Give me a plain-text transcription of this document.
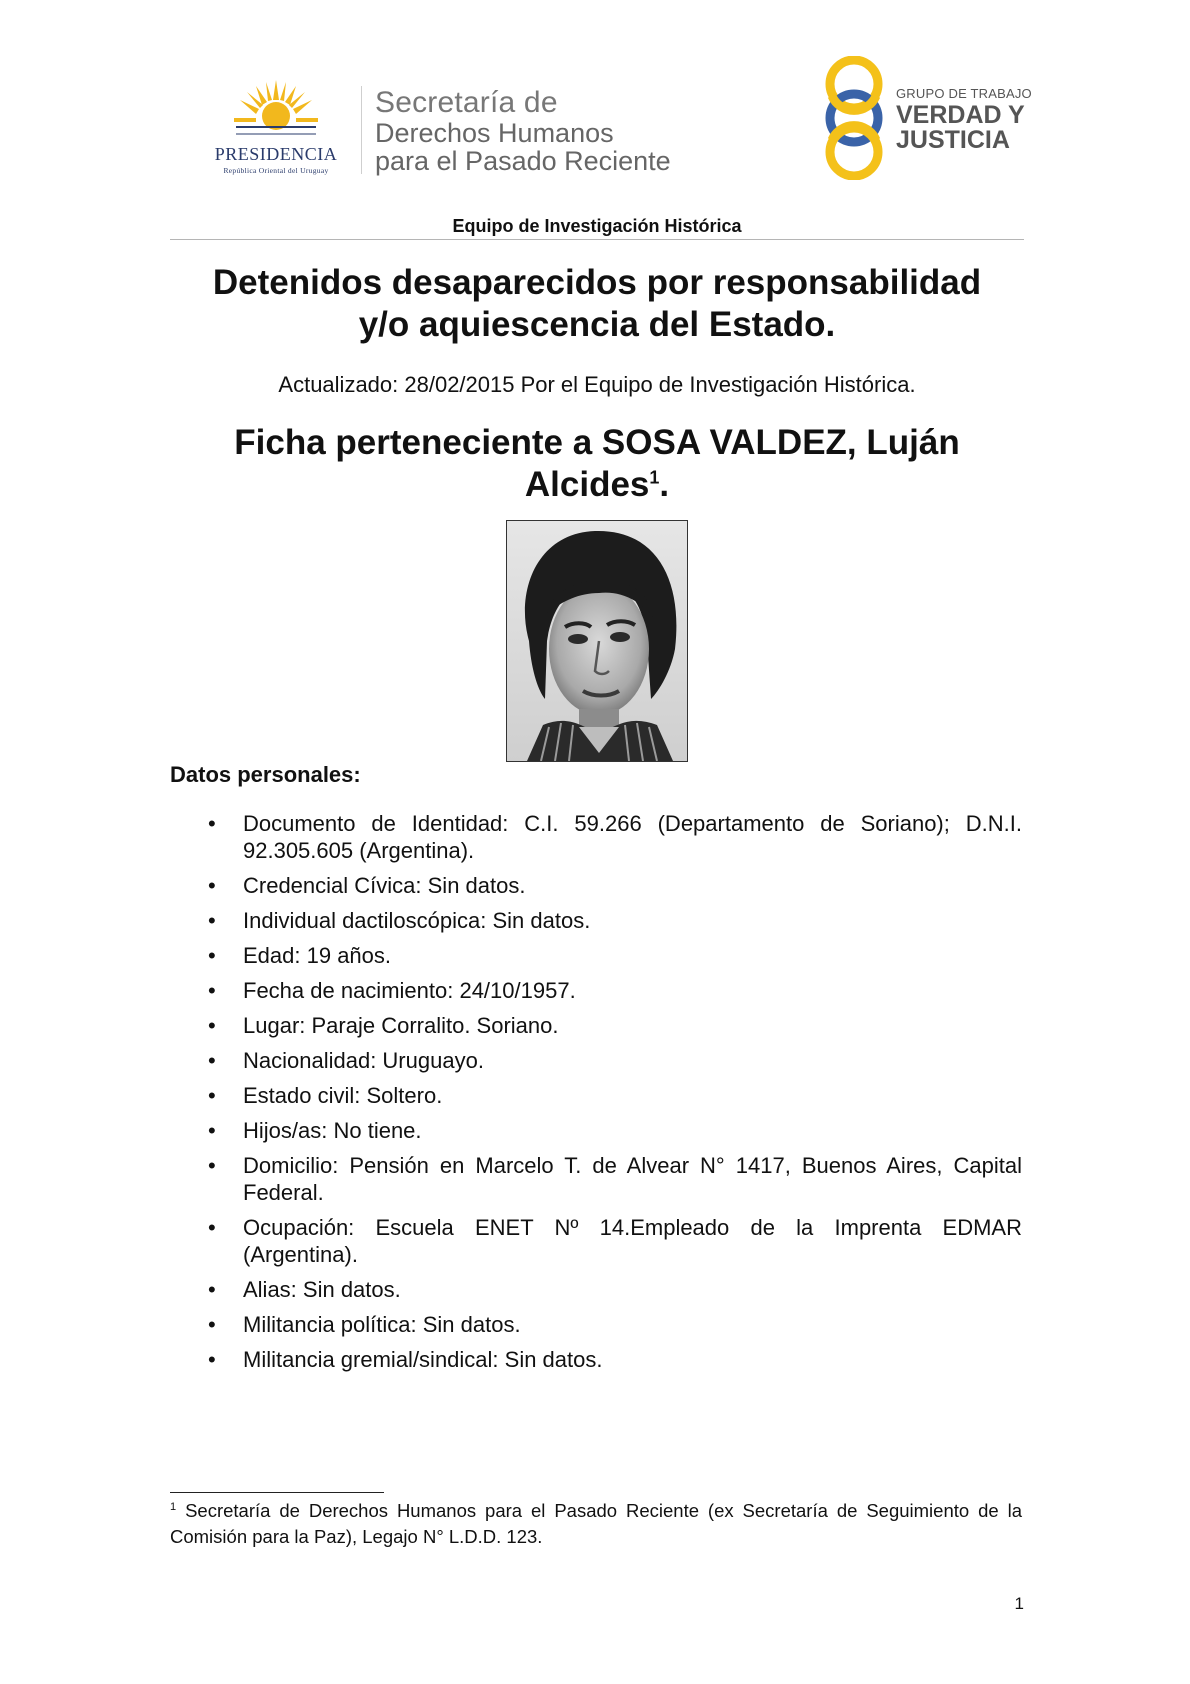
PRESIDENCIA
República Oriental del Uruguay
Secretaría de
Derechos Humanos
para el Pasado Reciente
GRUPO DE TRABAJO
VERDAD Y
JUSTICIA
Equipo de Investigación Histórica
Detenidos desaparecidos por responsabilidad
y/o aquiescencia del Estado.
Actualizado: 28/02/2015 Por el Equipo de Investigación Histórica.
Ficha perteneciente a SOSA VALDEZ, Luján
Alcides$^1$.
Datos personales:
• Documento de Identidad: C.I. 59.266 (Departamento de Soriano); D.N.I. 92.305.605 (Argentina).
• Credencial Cívica: Sin datos.
• Individual dactiloscópica: Sin datos.
• Edad: 19 años.
• Fecha de nacimiento: 24/10/1957.
• Lugar: Paraje Corralito. Soriano.
• Nacionalidad: Uruguayo.
• Estado civil: Soltero.
• Hijos/as: No tiene.
• Domicilio: Pensión en Marcelo T. de Alvear N° 1417, Buenos Aires, Capital Federal.
• Ocupación: Escuela ENET Nº 14.Empleado de la Imprenta EDMAR (Argentina).
• Alias: Sin datos.
• Militancia política: Sin datos.
• Militancia gremial/sindical: Sin datos.
$^1$ Secretaría de Derechos Humanos para el Pasado Reciente (ex Secretaría de Seguimiento de la Comisión para la Paz), Legajo N° L.D.D. 123.
1
